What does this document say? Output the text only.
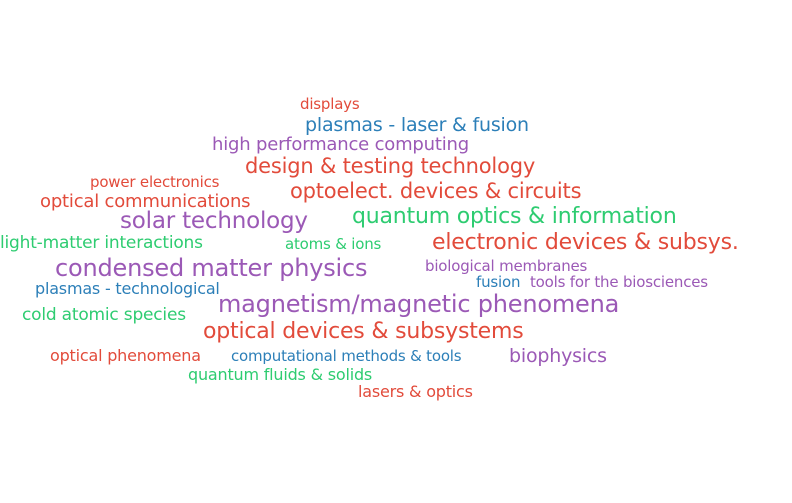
displays
plasmas - laser & fusion
high performance computing
design & testing technology
power electronics	optoelect. devices & circuits
optical communications
solar technology quantum optics & information
light-matter interactions	atoms & ions electronic devices & subsys.
condensed matter physics	biological membranes
plasmas - technological	fusion tools for the biosciences
magnetism/magnetic phenomena
cold atomic species
optical devices & subsystems
optical phenomena computational methods & tools	biophysics
quantum fluids & solids
lasers & optics
